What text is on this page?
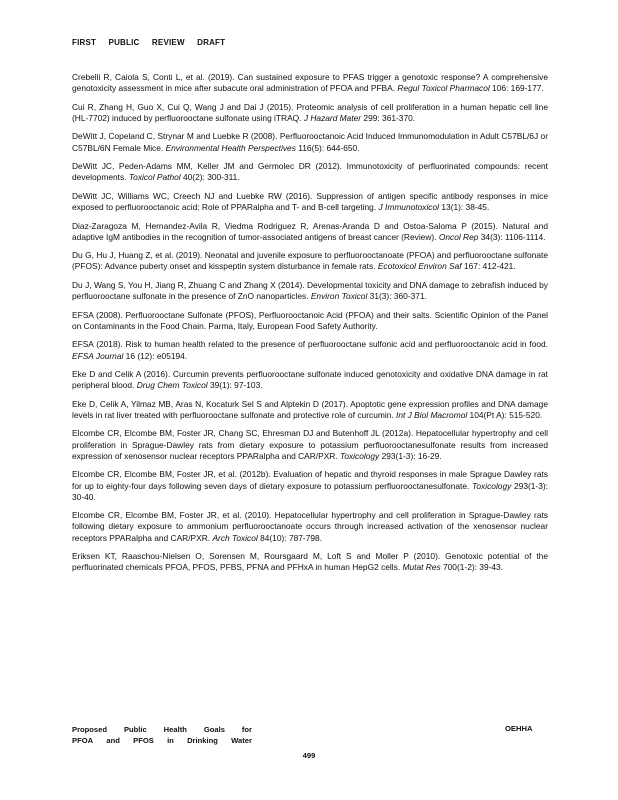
FIRST PUBLIC REVIEW DRAFT

Crebelli R, Caiola S, Conti L, et al. (2019). Can sustained exposure to PFAS trigger a genotoxic response? A comprehensive genotoxicity assessment in mice after subacute oral administration of PFOA and PFBA. Regul Toxicol Pharmacol 106: 169-177.

Cui R, Zhang H, Guo X, Cui Q, Wang J and Dai J (2015). Proteomic analysis of cell proliferation in a human hepatic cell line (HL-7702) induced by perfluorooctane sulfonate using iTRAQ. J Hazard Mater 299: 361-370.

DeWitt J, Copeland C, Strynar M and Luebke R (2008). Perfluorooctanoic Acid Induced Immunomodulation in Adult C57BL/6J or C57BL/6N Female Mice. Environmental Health Perspectives 116(5): 644-650.

DeWitt JC, Peden-Adams MM, Keller JM and Germolec DR (2012). Immunotoxicity of perfluorinated compounds: recent developments. Toxicol Pathol 40(2): 300-311.

DeWitt JC, Williams WC, Creech NJ and Luebke RW (2016). Suppression of antigen specific antibody responses in mice exposed to perfluorooctanoic acid: Role of PPARalpha and T- and B-cell targeting. J Immunotoxicol 13(1): 38-45.

Diaz-Zaragoza M, Hernandez-Avila R, Viedma Rodriguez R, Arenas-Aranda D and Ostoa-Saloma P (2015). Natural and adaptive IgM antibodies in the recognition of tumor-associated antigens of breast cancer (Review). Oncol Rep 34(3): 1106-1114.

Du G, Hu J, Huang Z, et al. (2019). Neonatal and juvenile exposure to perfluorooctanoate (PFOA) and perfluorooctane sulfonate (PFOS): Advance puberty onset and kisspeptin system disturbance in female rats. Ecotoxicol Environ Saf 167: 412-421.

Du J, Wang S, You H, Jiang R, Zhuang C and Zhang X (2014). Developmental toxicity and DNA damage to zebrafish induced by perfluorooctane sulfonate in the presence of ZnO nanoparticles. Environ Toxicol 31(3): 360-371.

EFSA (2008). Perfluorooctane Sulfonate (PFOS), Perfluorooctanoic Acid (PFOA) and their salts. Scientific Opinion of the Panel on Contaminants in the Food Chain. Parma, Italy, European Food Safety Authority.

EFSA (2018). Risk to human health related to the presence of perfluorooctane sulfonic acid and perfluorooctanoic acid in food. EFSA Journal 16 (12): e05194.

Eke D and Celik A (2016). Curcumin prevents perfluorooctane sulfonate induced genotoxicity and oxidative DNA damage in rat peripheral blood. Drug Chem Toxicol 39(1): 97-103.

Eke D, Celik A, Yilmaz MB, Aras N, Kocaturk Sel S and Alptekin D (2017). Apoptotic gene expression profiles and DNA damage levels in rat liver treated with perfluorooctane sulfonate and protective role of curcumin. Int J Biol Macromol 104(Pt A): 515-520.

Elcombe CR, Elcombe BM, Foster JR, Chang SC, Ehresman DJ and Butenhoff JL (2012a). Hepatocellular hypertrophy and cell proliferation in Sprague-Dawley rats from dietary exposure to potassium perfluorooctanesulfonate results from increased expression of xenosensor nuclear receptors PPARalpha and CAR/PXR. Toxicology 293(1-3): 16-29.

Elcombe CR, Elcombe BM, Foster JR, et al. (2012b). Evaluation of hepatic and thyroid responses in male Sprague Dawley rats for up to eighty-four days following seven days of dietary exposure to potassium perfluorooctanesulfonate. Toxicology 293(1-3): 30-40.

Elcombe CR, Elcombe BM, Foster JR, et al. (2010). Hepatocellular hypertrophy and cell proliferation in Sprague-Dawley rats following dietary exposure to ammonium perfluorooctanoate occurs through increased activation of the xenosensor nuclear receptors PPARalpha and CAR/PXR. Arch Toxicol 84(10): 787-798.

Eriksen KT, Raaschou-Nielsen O, Sorensen M, Roursgaard M, Loft S and Moller P (2010). Genotoxic potential of the perfluorinated chemicals PFOA, PFOS, PFBS, PFNA and PFHxA in human HepG2 cells. Mutat Res 700(1-2): 39-43.

Proposed Public Health Goals for
PFOA and PFOS in Drinking Water
OEHHA
499
